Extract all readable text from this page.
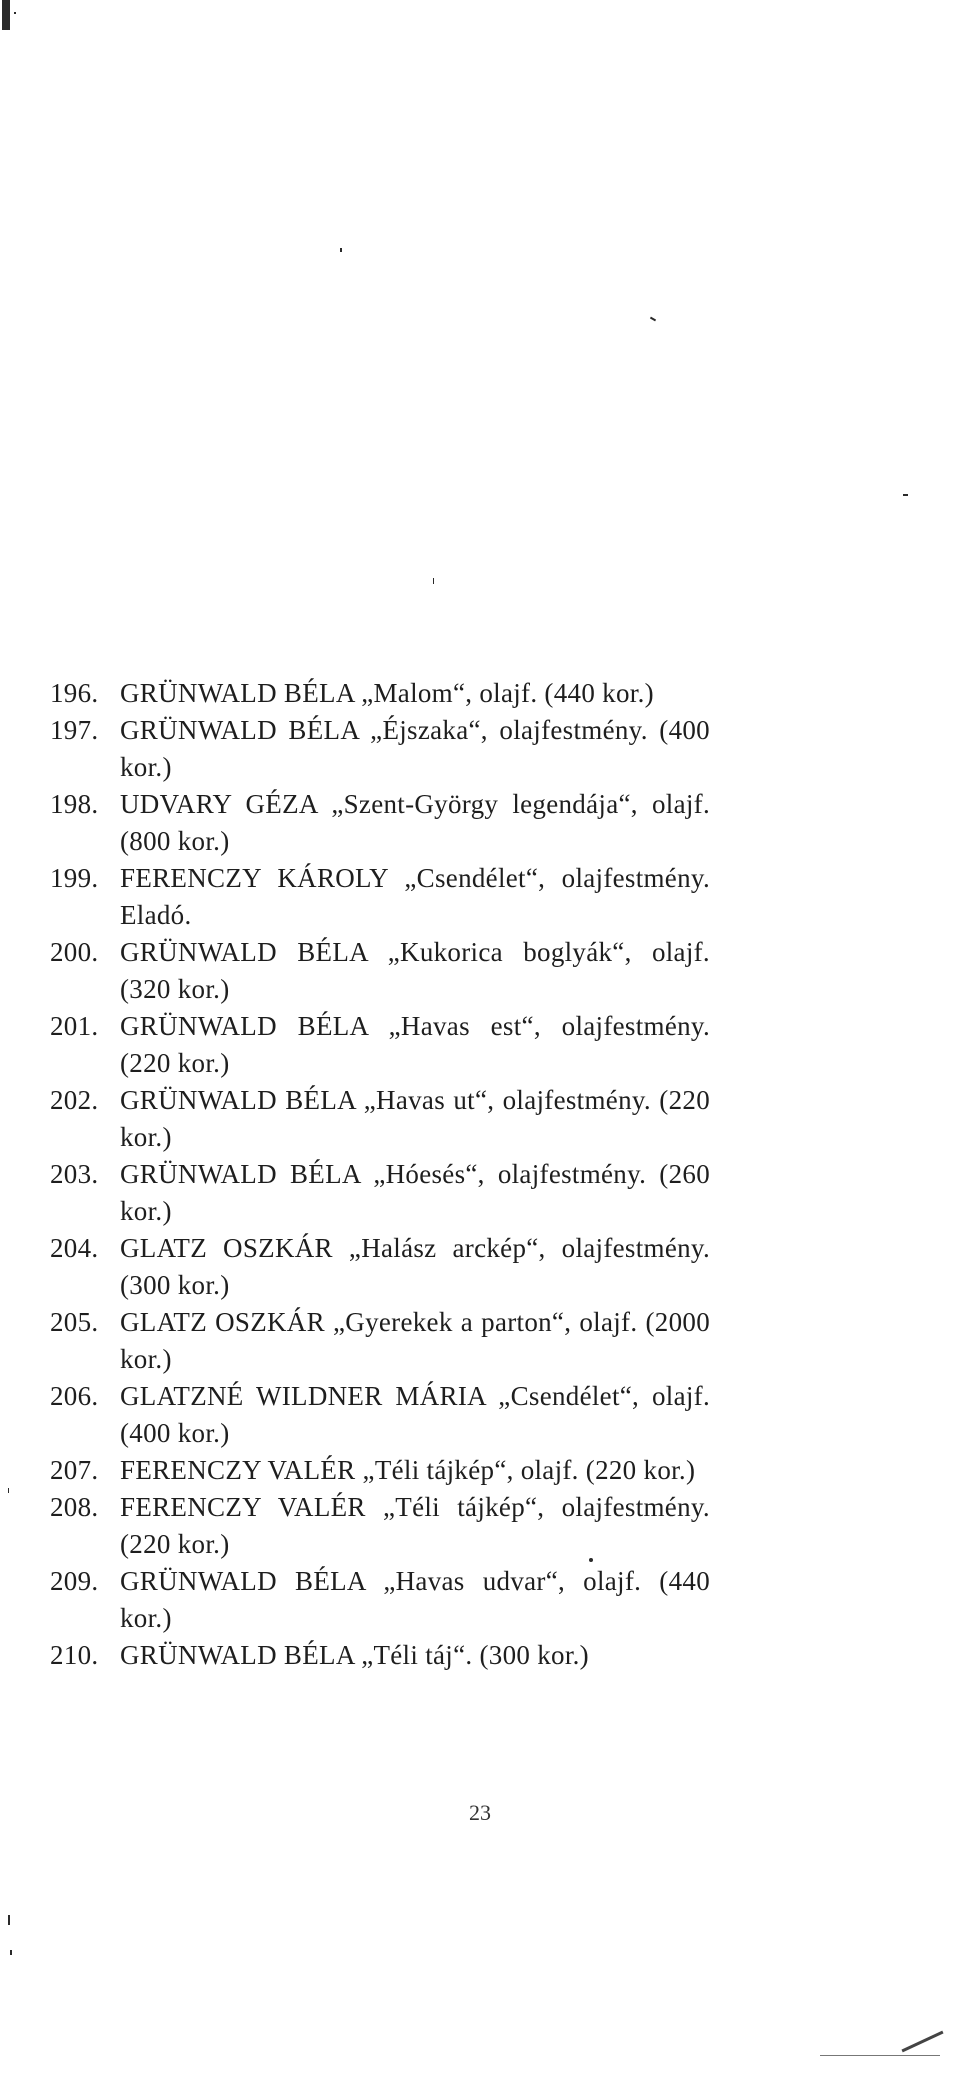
196. GRÜNWALD BÉLA „Malom“, olajf. (440 kor.)

197. GRÜNWALD BÉLA „Éjszaka“, olajfestmény. (400 kor.)

198. UDVARY GÉZA „Szent-György legendája“, olajf. (800 kor.)

199. FERENCZY KÁROLY „Csendélet“, olajfestmény. Eladó.

200. GRÜNWALD BÉLA „Kukorica boglyák“, olajf. (320 kor.)

201. GRÜNWALD BÉLA „Havas est“, olajfestmény. (220 kor.)

202. GRÜNWALD BÉLA „Havas ut“, olajfestmény. (220 kor.)

203. GRÜNWALD BÉLA „Hóesés“, olajfestmény. (260 kor.)

204. GLATZ OSZKÁR „Halász arckép“, olajfestmény. (300 kor.)

205. GLATZ OSZKÁR „Gyerekek a parton“, olajf. (2000 kor.)

206. GLATZNÉ WILDNER MÁRIA „Csendélet“, olajf. (400 kor.)

207. FERENCZY VALÉR „Téli tájkép“, olajf. (220 kor.)

208. FERENCZY VALÉR „Téli tájkép“, olajfestmény. (220 kor.)

209. GRÜNWALD BÉLA „Havas udvar“, olajf. (440 kor.)

210. GRÜNWALD BÉLA „Téli táj“. (300 kor.)

23
